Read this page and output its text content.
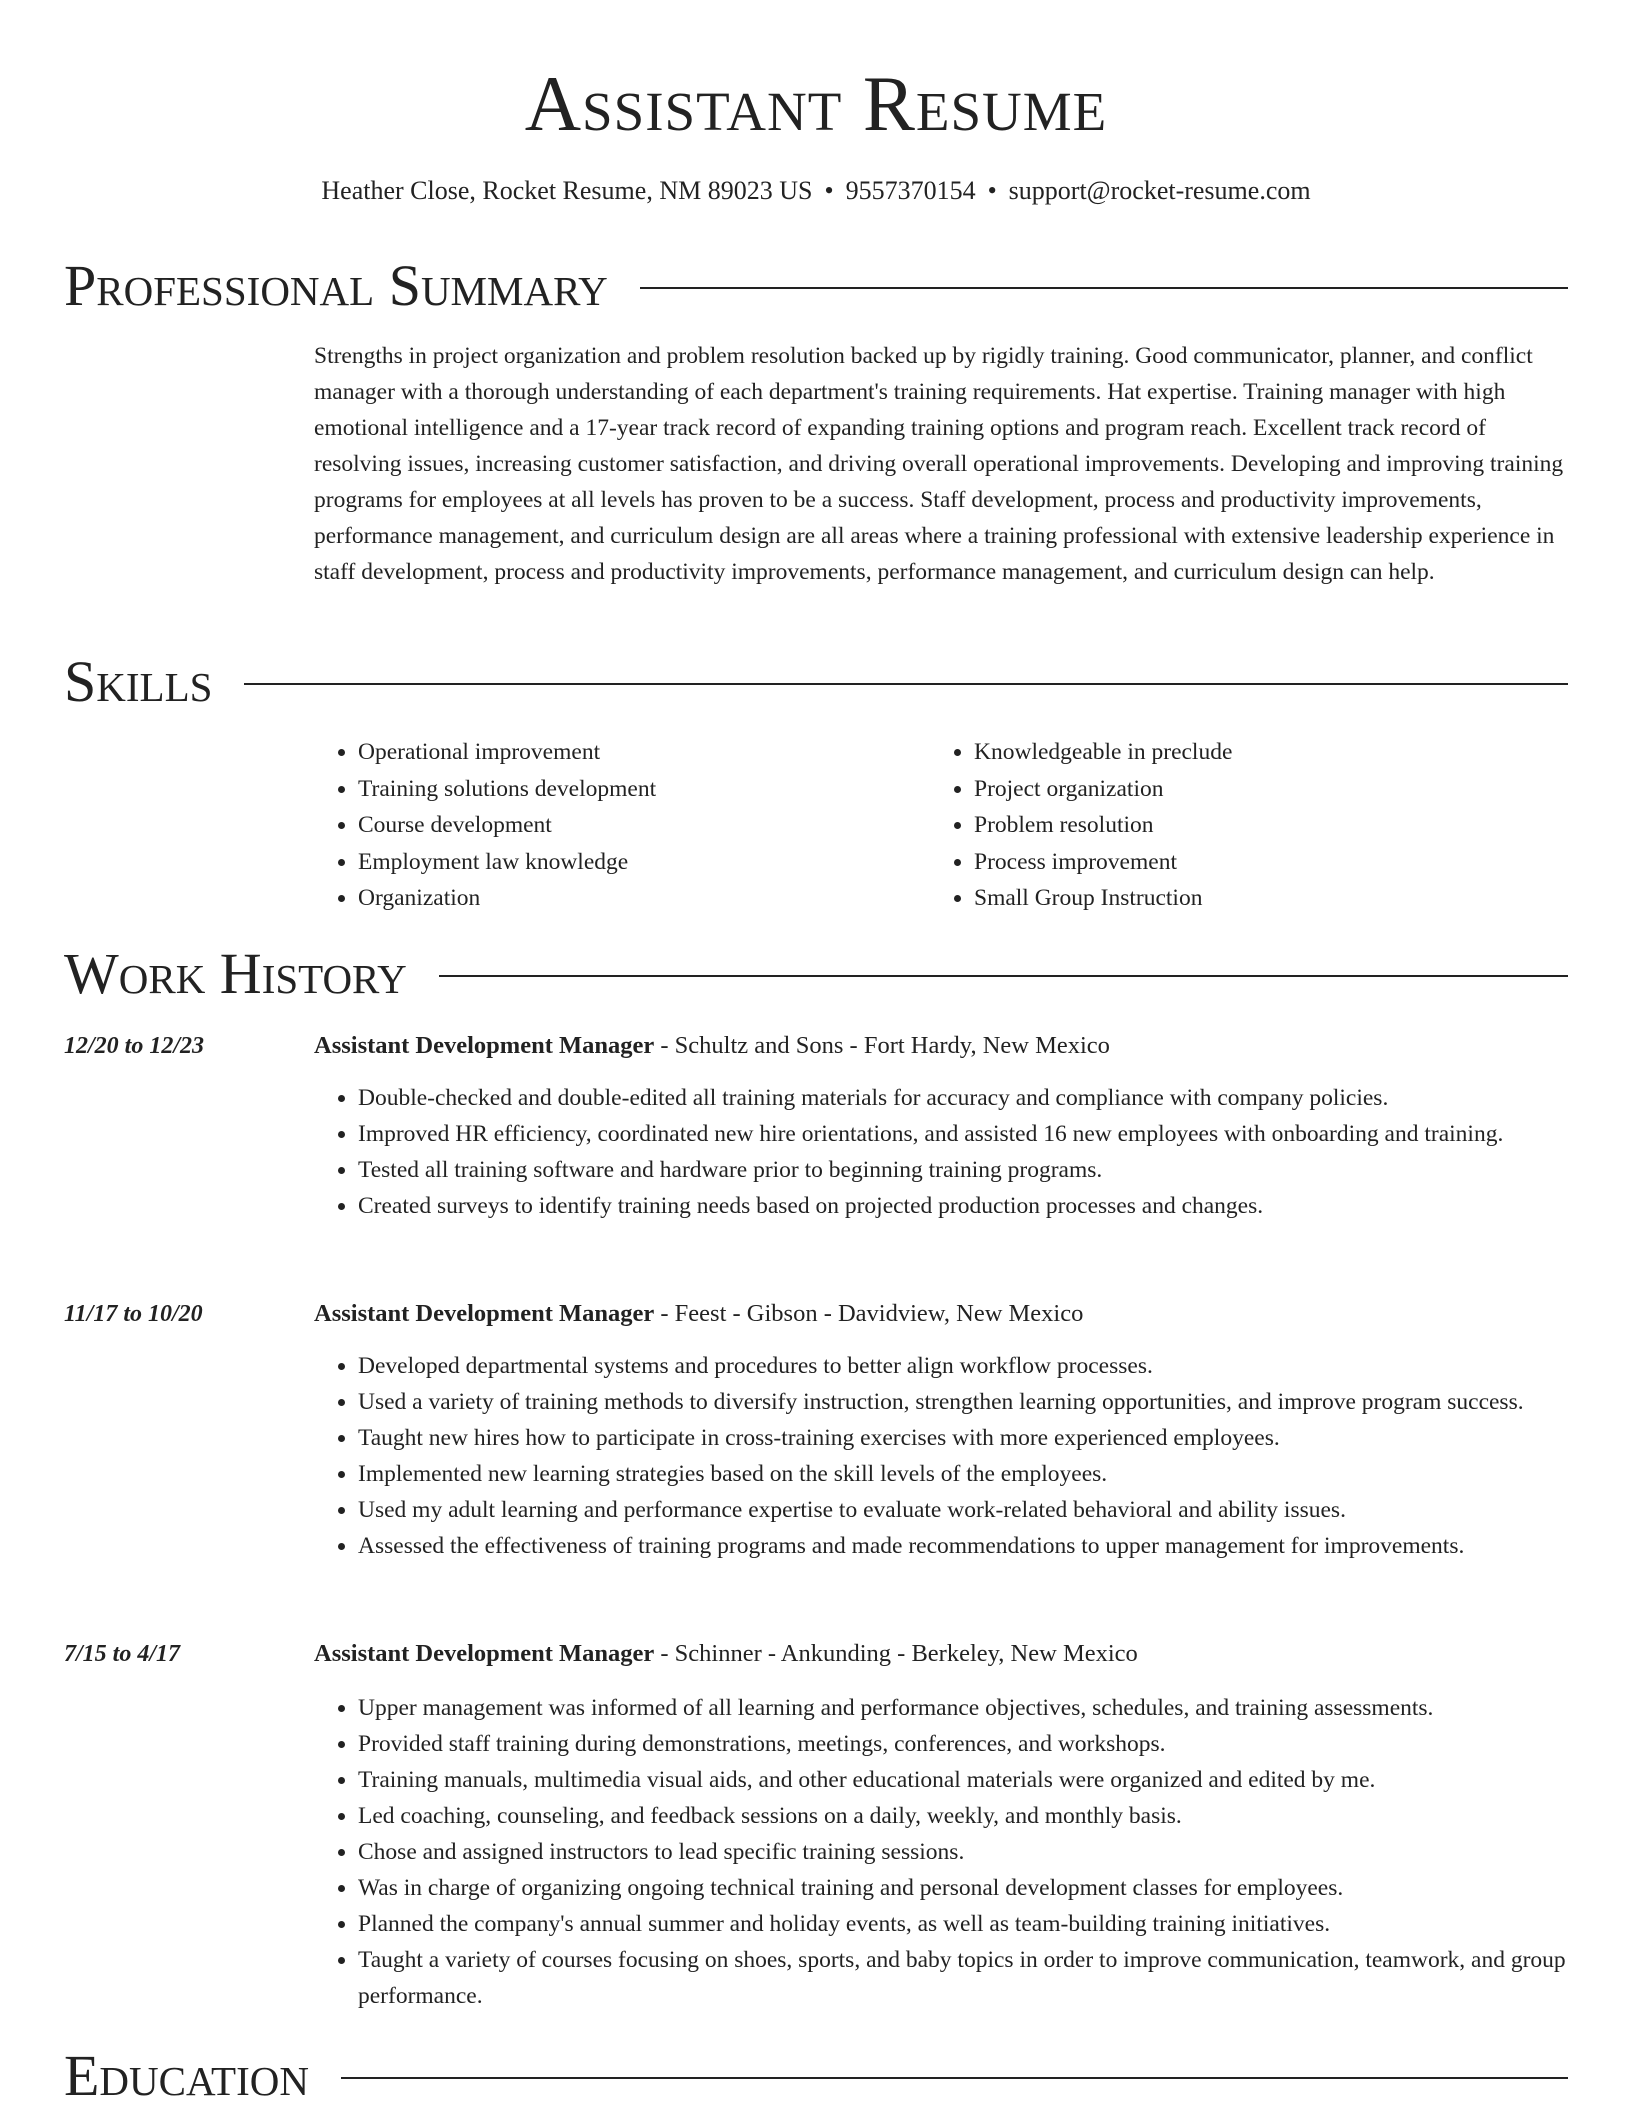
Assistant Resume
Heather Close, Rocket Resume, NM 89023 US • 9557370154 • support@rocket-resume.com
Professional Summary

Strengths in project organization and problem resolution backed up by rigidly training. Good communicator, planner, and conflict manager with a thorough understanding of each department's training requirements. Hat expertise. Training manager with high emotional intelligence and a 17-year track record of expanding training options and program reach. Excellent track record of resolving issues, increasing customer satisfaction, and driving overall operational improvements. Developing and improving training programs for employees at all levels has proven to be a success. Staff development, process and productivity improvements, performance management, and curriculum design are all areas where a training professional with extensive leadership experience in staff development, process and productivity improvements, performance management, and curriculum design can help.

Skills
• Operational improvement
• Training solutions development
• Course development
• Employment law knowledge
• Organization
• Knowledgeable in preclude
• Project organization
• Problem resolution
• Process improvement
• Small Group Instruction
Work History
12/20 to 12/23	Assistant Development Manager - Schultz and Sons - Fort Hardy, New Mexico
• Double-checked and double-edited all training materials for accuracy and compliance with company policies.
• Improved HR efficiency, coordinated new hire orientations, and assisted 16 new employees with onboarding and training.
• Tested all training software and hardware prior to beginning training programs.
• Created surveys to identify training needs based on projected production processes and changes.
11/17 to 10/20	Assistant Development Manager - Feest - Gibson - Davidview, New Mexico
• Developed departmental systems and procedures to better align workflow processes.
• Used a variety of training methods to diversify instruction, strengthen learning opportunities, and improve program success.
• Taught new hires how to participate in cross-training exercises with more experienced employees.
• Implemented new learning strategies based on the skill levels of the employees.
• Used my adult learning and performance expertise to evaluate work-related behavioral and ability issues.
• Assessed the effectiveness of training programs and made recommendations to upper management for improvements.
7/15 to 4/17	Assistant Development Manager - Schinner - Ankunding - Berkeley, New Mexico
• Upper management was informed of all learning and performance objectives, schedules, and training assessments.
• Provided staff training during demonstrations, meetings, conferences, and workshops.
• Training manuals, multimedia visual aids, and other educational materials were organized and edited by me.
• Led coaching, counseling, and feedback sessions on a daily, weekly, and monthly basis.
• Chose and assigned instructors to lead specific training sessions.
• Was in charge of organizing ongoing technical training and personal development classes for employees.
• Planned the company's annual summer and holiday events, as well as team-building training initiatives.
• Taught a variety of courses focusing on shoes, sports, and baby topics in order to improve communication, teamwork, and group performance.
Education
